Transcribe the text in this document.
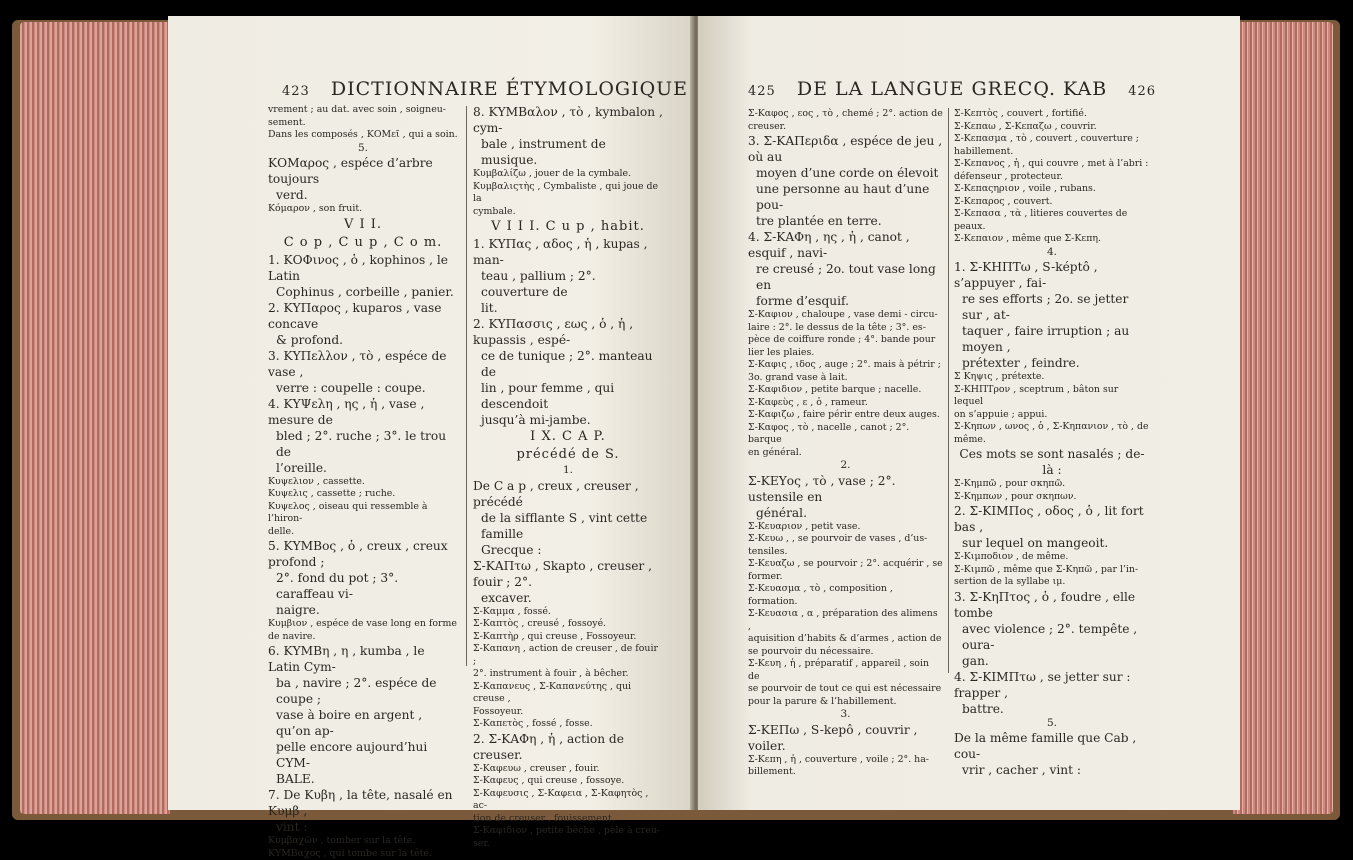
423 DICTIONNAIRE ÉTYMOLOGIQUE

vrement ; au dat. avec soin , soigneu-

sement.

Dans les composés , ΚΟΜεῖ , qui a soin.

5.

ΚΟΜαρος , espéce d’arbre toujours

verd.

Κόμαρον , son fruit.

V I I.

C o p , C u p , C o m.

1. ΚΟΦινος , ὁ , kophinos , le Latin

Cophinus , corbeille , panier.

2. ΚΥΠαρος , kuparos , vase concave

& profond.

3. ΚΥΠελλον , τὸ , espéce de vase ,

verre : coupelle : coupe.

4. ΚΥΨελη , ης , ἡ , vase , mesure de

bled ; 2°. ruche ; 3°. le trou de

l’oreille.

Κυψελιον , cassette.

Κυψελις , cassette ; ruche.

Κυψελος , oiseau qui ressemble à l’hiron-

delle.

5. ΚΥΜΒος , ὁ , creux , creux profond ;

2°. fond du pot ; 3°. caraffeau vi-

naigre.

Κυμβιον , espéce de vase long en forme

de navire.

6. ΚΥΜΒη , η , kumba , le Latin Cym-

ba , navire ; 2°. espéce de coupe ;

vase à boire en argent , qu’on ap-

pelle encore aujourd’hui CYM-

BALE.

7. De Κυβη , la tête, nasalé en Κυμβ ,

vint :

Κυμβαχῶν , tomber sur la tête.

ΚΥΜΒαχος , qui tombe sur la tête.

8. ΚΥΜΒαλον , τὸ , kymbalon , cym-

bale , instrument de musique.

Κυμβαλίζω , jouer de la cymbale.

Κυμβαλιςτὴς , Cymbaliste , qui joue de la

cymbale.

V I I I. C u p , habit.

1. ΚΥΠας , αδος , ἡ , kupas , man-

teau , pallium ; 2°. couverture de

lit.

2. ΚΥΠασσις , εως , ὁ , ἡ , kupassis , espé-

ce de tunique ; 2°. manteau de

lin , pour femme , qui descendoit

jusqu’à mi-jambe.

I X. C A P.

précédé de S.

1.

De C a p , creux , creuser , précédé

de la sifflante S , vint cette famille

Grecque :

Σ-ΚΑΠτω , Skapto , creuser , fouir ; 2°.

excaver.

Σ-Καμμα , fossé.

Σ-Καπτὸς , creusé , fossoyé.

Σ-Καπτὴρ , qui creuse , Fossoyeur.

Σ-Καπανη , action de creuser , de fouir ;

2°. instrument à fouir , à bêcher.

Σ-Καπανευς , Σ-Καπανεύτης , qui creuse ,

Fossoyeur.

Σ-Καπετὸς , fossé , fosse.

2. Σ-ΚΑΦη , ἡ , action de creuser.

Σ-Καφευω , creuser , fouir.

Σ-Καφευς , qui creuse , fossoye.

Σ-Καφευσις , Σ-Καφεια , Σ-Καφητὸς , ac-

tion de creuser , fouissement.

Σ-Καφιδιον , petite bêche , pèle à creu-

ser.

425 DE LA LANGUE GRECQ. KAB 426

Σ-Καφος , εος , τὸ , chemé ; 2°. action de

creuser.

3. Σ-ΚΑΠεριδα , espéce de jeu , où au

moyen d’une corde on élevoit

une personne au haut d’une pou-

tre plantée en terre.

4. Σ-ΚΑΦη , ης , ἡ , canot , esquif , navi-

re creusé ; 2o. tout vase long en

forme d’esquif.

Σ-Καφιον , chaloupe , vase demi - circu-

laire : 2°. le dessus de la tête ; 3°. es-

pèce de coiffure ronde ; 4°. bande pour

lier les plaies.

Σ-Καφις , ιδος , auge ; 2°. mais à pétrir ;

3o. grand vase à lait.

Σ-Καφιδιον , petite barque ; nacelle.

Σ-Καφεὺς , ε , ὁ , rameur.

Σ-Καφιζω , faire périr entre deux auges.

Σ-Καφος , τὸ , nacelle , canot ; 2°. barque

en général.

2.

Σ-ΚΕΥος , τὸ , vase ; 2°. ustensile en

général.

Σ-Κευαριον , petit vase.

Σ-Κευω , , se pourvoir de vases , d’us-

tensiles.

Σ-Κευαζω , se pourvoir ; 2°. acquérir , se

former.

Σ-Κευασμα , τὸ , composition , formation.

Σ-Κευασια , α , préparation des alimens ,

aquisition d’habits & d’armes , action de

se pourvoir du nécessaire.

Σ-Κευη , ἡ , préparatif , appareil , soin de

se pourvoir de tout ce qui est nécessaire

pour la parure & l’habillement.

3.

Σ-ΚΕΠω , S-kepô , couvrir , voiler.

Σ-Κεπη , ἡ , couverture , voile ; 2°. ha-

billement.

Σ-Κεπτὸς , couvert , fortifié.

Σ-Κεπαω , Σ-Κεπαζω , couvrir.

Σ-Κεπασμα , τὸ , couvert , couverture ;

habillement.

Σ-Κεπανος , ἡ , qui couvre , met à l’abri :

défenseur , protecteur.

Σ-Κεπαςηριον , voile , rubans.

Σ-Κεπαρος , couvert.

Σ-Κεπασα , τὰ , litieres couvertes de

peaux.

Σ-Κεπαιον , même que Σ-Κεπη.

4.

1. Σ-ΚΗΠΤω , S-képtô , s’appuyer , fai-

re ses efforts ; 2o. se jetter sur , at-

taquer , faire irruption ; au moyen ,

prétexter , feindre.

Σ Κηψις , prétexte.

Σ-ΚΗΠΤρον , sceptrum , bâton sur lequel

on s’appuie ; appui.

Σ-Κηπων , ωνος , ὁ , Σ-Κηπανιον , τὸ , de

même.

Ces mots se sont nasalés ; de-là :

Σ-Κημπῶ , pour σκηπῶ.

Σ-Κημπων , pour σκηπων.

2. Σ-ΚΙΜΠος , οδος , ὁ , lit fort bas ,

sur lequel on mangeoit.

Σ-Κιμποδιον , de même.

Σ-Κιμπῶ , même que Σ-Κηπῶ , par l’in-

sertion de la syllabe ιμ.

3. Σ-ΚηΠτος , ὁ , foudre , elle tombe

avec violence ; 2°. tempête , oura-

gan.

4. Σ-ΚΙΜΠτω , se jetter sur : frapper ,

battre.

5.

De la même famille que Cab , cou-

vrir , cacher , vint :
